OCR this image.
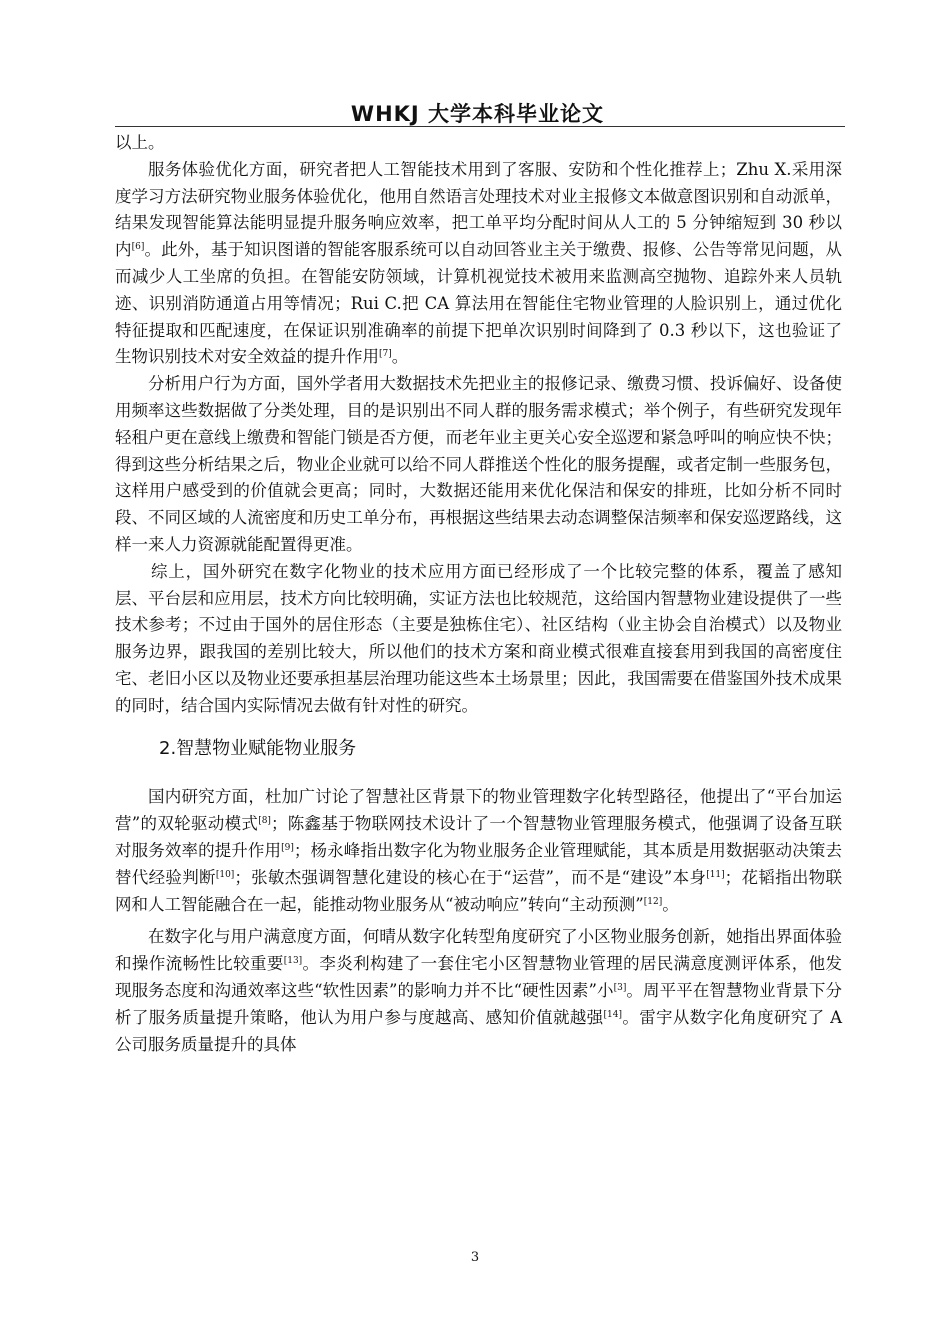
WHKJ 大学本科毕业论文

以上。

服务体验优化方面，研究者把人工智能技术用到了客服、安防和个性化推荐上；Zhu X.采用深度学习方法研究物业服务体验优化，他用自然语言处理技术对业主报修文本做意图识别和自动派单，结果发现智能算法能明显提升服务响应效率，把工单平均分配时间从人工的 5 分钟缩短到 30 秒以内[6]。此外，基于知识图谱的智能客服系统可以自动回答业主关于缴费、报修、公告等常见问题，从而减少人工坐席的负担。在智能安防领域，计算机视觉技术被用来监测高空抛物、追踪外来人员轨迹、识别消防通道占用等情况；Rui C.把 CA 算法用在智能住宅物业管理的人脸识别上，通过优化特征提取和匹配速度，在保证识别准确率的前提下把单次识别时间降到了 0.3 秒以下，这也验证了生物识别技术对安全效益的提升作用[7]。

分析用户行为方面，国外学者用大数据技术先把业主的报修记录、缴费习惯、投诉偏好、设备使用频率这些数据做了分类处理，目的是识别出不同人群的服务需求模式；举个例子，有些研究发现年轻租户更在意线上缴费和智能门锁是否方便，而老年业主更关心安全巡逻和紧急呼叫的响应快不快；得到这些分析结果之后，物业企业就可以给不同人群推送个性化的服务提醒，或者定制一些服务包，这样用户感受到的价值就会更高；同时，大数据还能用来优化保洁和保安的排班，比如分析不同时段、不同区域的人流密度和历史工单分布，再根据这些结果去动态调整保洁频率和保安巡逻路线，这样一来人力资源就能配置得更准。

综上，国外研究在数字化物业的技术应用方面已经形成了一个比较完整的体系，覆盖了感知层、平台层和应用层，技术方向比较明确，实证方法也比较规范，这给国内智慧物业建设提供了一些技术参考；不过由于国外的居住形态（主要是独栋住宅）、社区结构（业主协会自治模式）以及物业服务边界，跟我国的差别比较大，所以他们的技术方案和商业模式很难直接套用到我国的高密度住宅、老旧小区以及物业还要承担基层治理功能这些本土场景里；因此，我国需要在借鉴国外技术成果的同时，结合国内实际情况去做有针对性的研究。

2.智慧物业赋能物业服务

国内研究方面，杜加广讨论了智慧社区背景下的物业管理数字化转型路径，他提出了“平台加运营”的双轮驱动模式[8]；陈鑫基于物联网技术设计了一个智慧物业管理服务模式，他强调了设备互联对服务效率的提升作用[9]；杨永峰指出数字化为物业服务企业管理赋能，其本质是用数据驱动决策去替代经验判断[10]；张敏杰强调智慧化建设的核心在于“运营”，而不是“建设”本身[11]；花韬指出物联网和人工智能融合在一起，能推动物业服务从“被动响应”转向“主动预测”[12]。

在数字化与用户满意度方面，何晴从数字化转型角度研究了小区物业服务创新，她指出界面体验和操作流畅性比较重要[13]。李炎利构建了一套住宅小区智慧物业管理的居民满意度测评体系，他发现服务态度和沟通效率这些“软性因素”的影响力并不比“硬性因素”小[3]。周平平在智慧物业背景下分析了服务质量提升策略，他认为用户参与度越高、感知价值就越强[14]。雷宇从数字化角度研究了 A 公司服务质量提升的具体

3
